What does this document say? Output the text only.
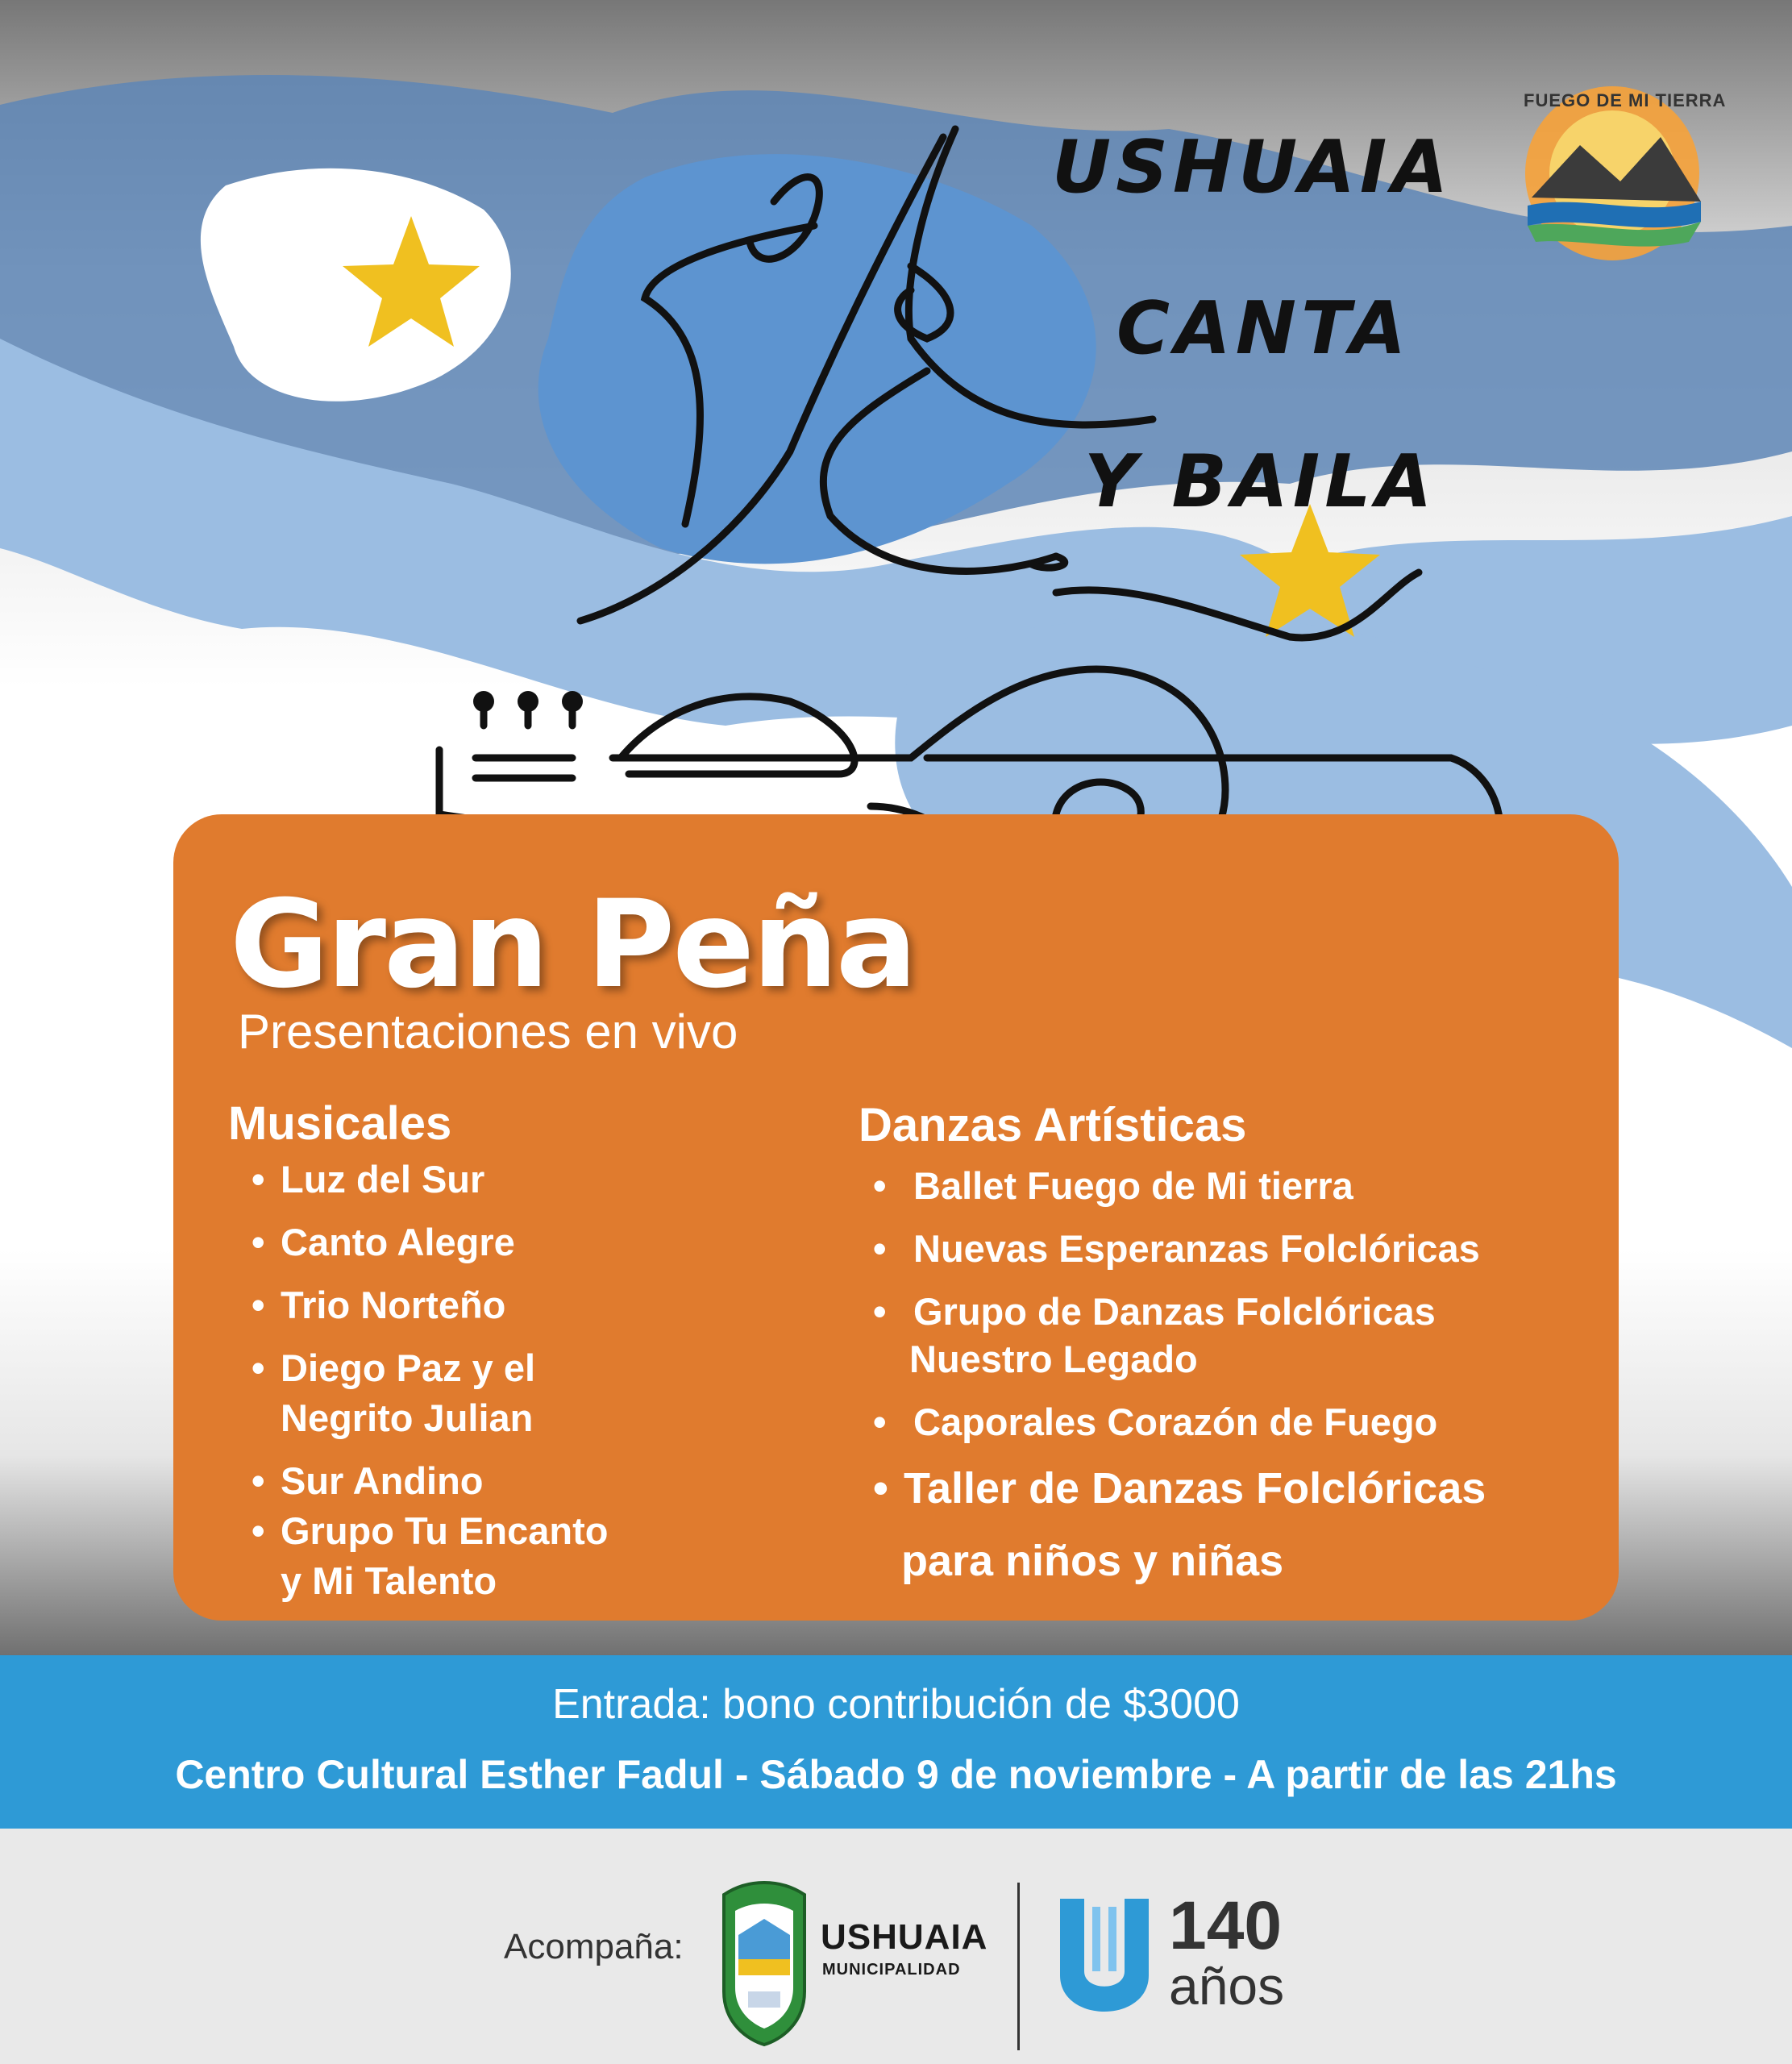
USHUAIA
CANTA
Y BAILA
FUEGO DE MI TIERRA
Gran Peña
Presentaciones en vivo
Musicales	Danzas Artísticas
• Luz del Sur
• Canto Alegre
• Trio Norteño
• Diego Paz y el
Negrito Julian
• Sur Andino
• Grupo Tu Encanto
y Mi Talento
• Ballet Fuego de Mi tierra
• Nuevas Esperanzas Folclóricas
• Grupo de Danzas Folclóricas
Nuestro Legado
• Caporales Corazón de Fuego
• Taller de Danzas Folclóricas
para niños y niñas
Entrada: bono contribución de $3000
Centro Cultural Esther Fadul - Sábado 9 de noviembre - A partir de las 21hs
Acompaña:	USHUAIA
MUNICIPALIDAD
140
años
